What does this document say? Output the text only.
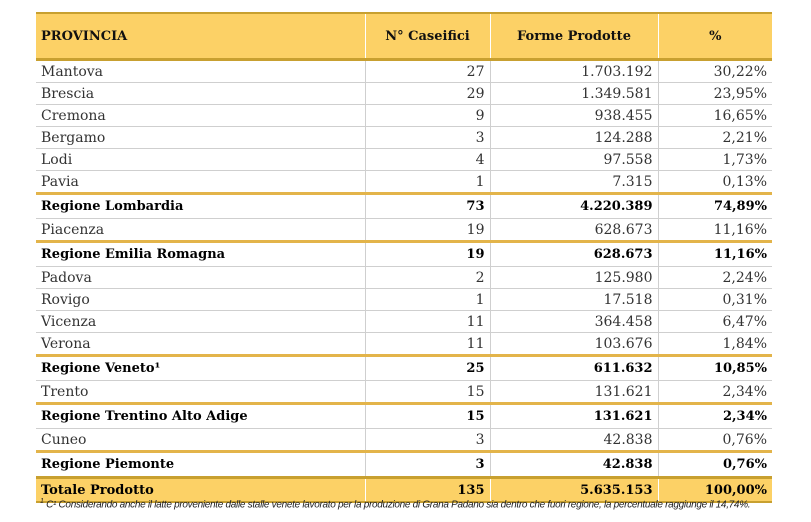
PROVINCIA	N° Caseifici	Forme Prodotte	%
Mantova	27	1.703.192	30,22%
Brescia	29	1.349.581	23,95%
Cremona	9	938.455	16,65%
Bergamo	3	124.288	2,21%
Lodi	4	97.558	1,73%
Pavia	1	7.315	0,13%
Regione Lombardia	73	4.220.389	74,89%
Piacenza	19	628.673	11,16%
Regione Emilia Romagna	19	628.673	11,16%
Padova	2	125.980	2,24%
Rovigo	1	17.518	0,31%
Vicenza	11	364.458	6,47%
Verona	11	103.676	1,84%
Regione Veneto¹	25	611.632	10,85%
Trento	15	131.621	2,34%
Regione Trentino Alto Adige	15	131.621	2,34%
Cuneo	3	42.838	0,76%
Regione Piemonte	3	42.838	0,76%
Totale Prodotto	135	5.635.153	100,00%
$^1$ C¹ Considerando anche il latte proveniente dalle stalle venete lavorato per la produzione di Grana Padano sia dentro che fuori regione, la percentuale raggiunge il 14,74%.
